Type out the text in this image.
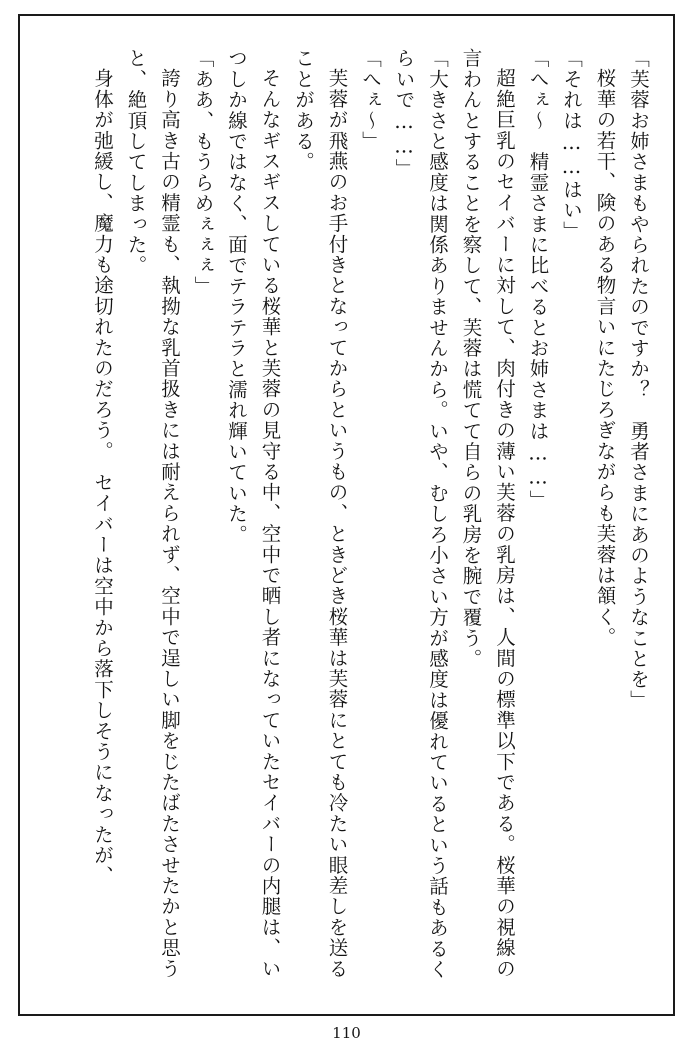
「芙蓉お姉さまもやられたのですか？　勇者さまにあのようなことを」

桜華の若干、険のある物言いにたじろぎながらも芙蓉は頷く。

「それは……はい」

「へぇ～　精霊さまに比べるとお姉さまは……」

超絶巨乳のセイバーに対して、肉付きの薄い芙蓉の乳房は、人間の標準以下である。桜華の視線の言わんとすることを察して、芙蓉は慌てて自らの乳房を腕で覆う。

「大きさと感度は関係ありませんから。いや、むしろ小さい方が感度は優れているという話もあるくらいで……」

「へぇ～」

芙蓉が飛燕のお手付きとなってからというもの、ときどき桜華は芙蓉にとても冷たい眼差しを送ることがある。

そんなギスギスしている桜華と芙蓉の見守る中、空中で晒し者になっていたセイバーの内腿は、いつしか線ではなく、面でテラテラと濡れ輝いていた。

「ああ、もうらめぇぇぇ」

誇り高き古の精霊も、執拗な乳首扱きには耐えられず、空中で逞しい脚をじたばたさせたかと思うと、絶頂してしまった。

身体が弛緩し、魔力も途切れたのだろう。　セイバーは空中から落下しそうになったが、

110
